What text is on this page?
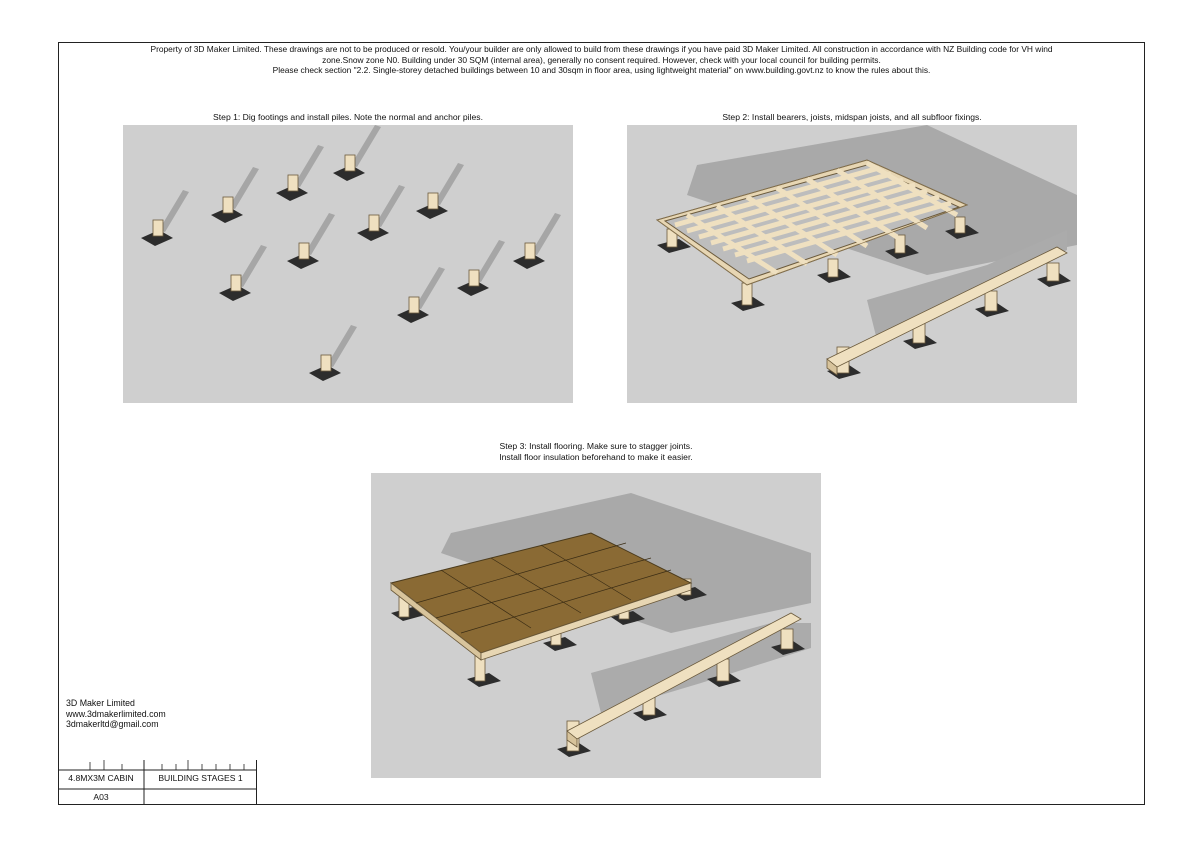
Property of 3D Maker Limited. These drawings are not to be produced or resold. You/your builder are only allowed to build from these drawings if you have paid 3D Maker Limited. All construction in accordance with NZ Building code for VH wind
zone.Snow zone N0. Building under 30 SQM (internal area), generally no consent required. However, check with your local council for building permits.
Please check section "2.2. Single-storey detached buildings between 10 and 30sqm in floor area, using lightweight material" on www.building.govt.nz to know the rules about this.
Step 1: Dig footings and install piles. Note the normal and anchor piles.	Step 2: Install bearers, joists, midspan joists, and all subfloor fixings.
Step 3: Install flooring. Make sure to stagger joints.
Install floor insulation beforehand to make it easier.
3D Maker Limited
www.3dmakerlimited.com
3dmakerltd@gmail.com
4.8MX3M CABIN	BUILDING STAGES 1
A03
